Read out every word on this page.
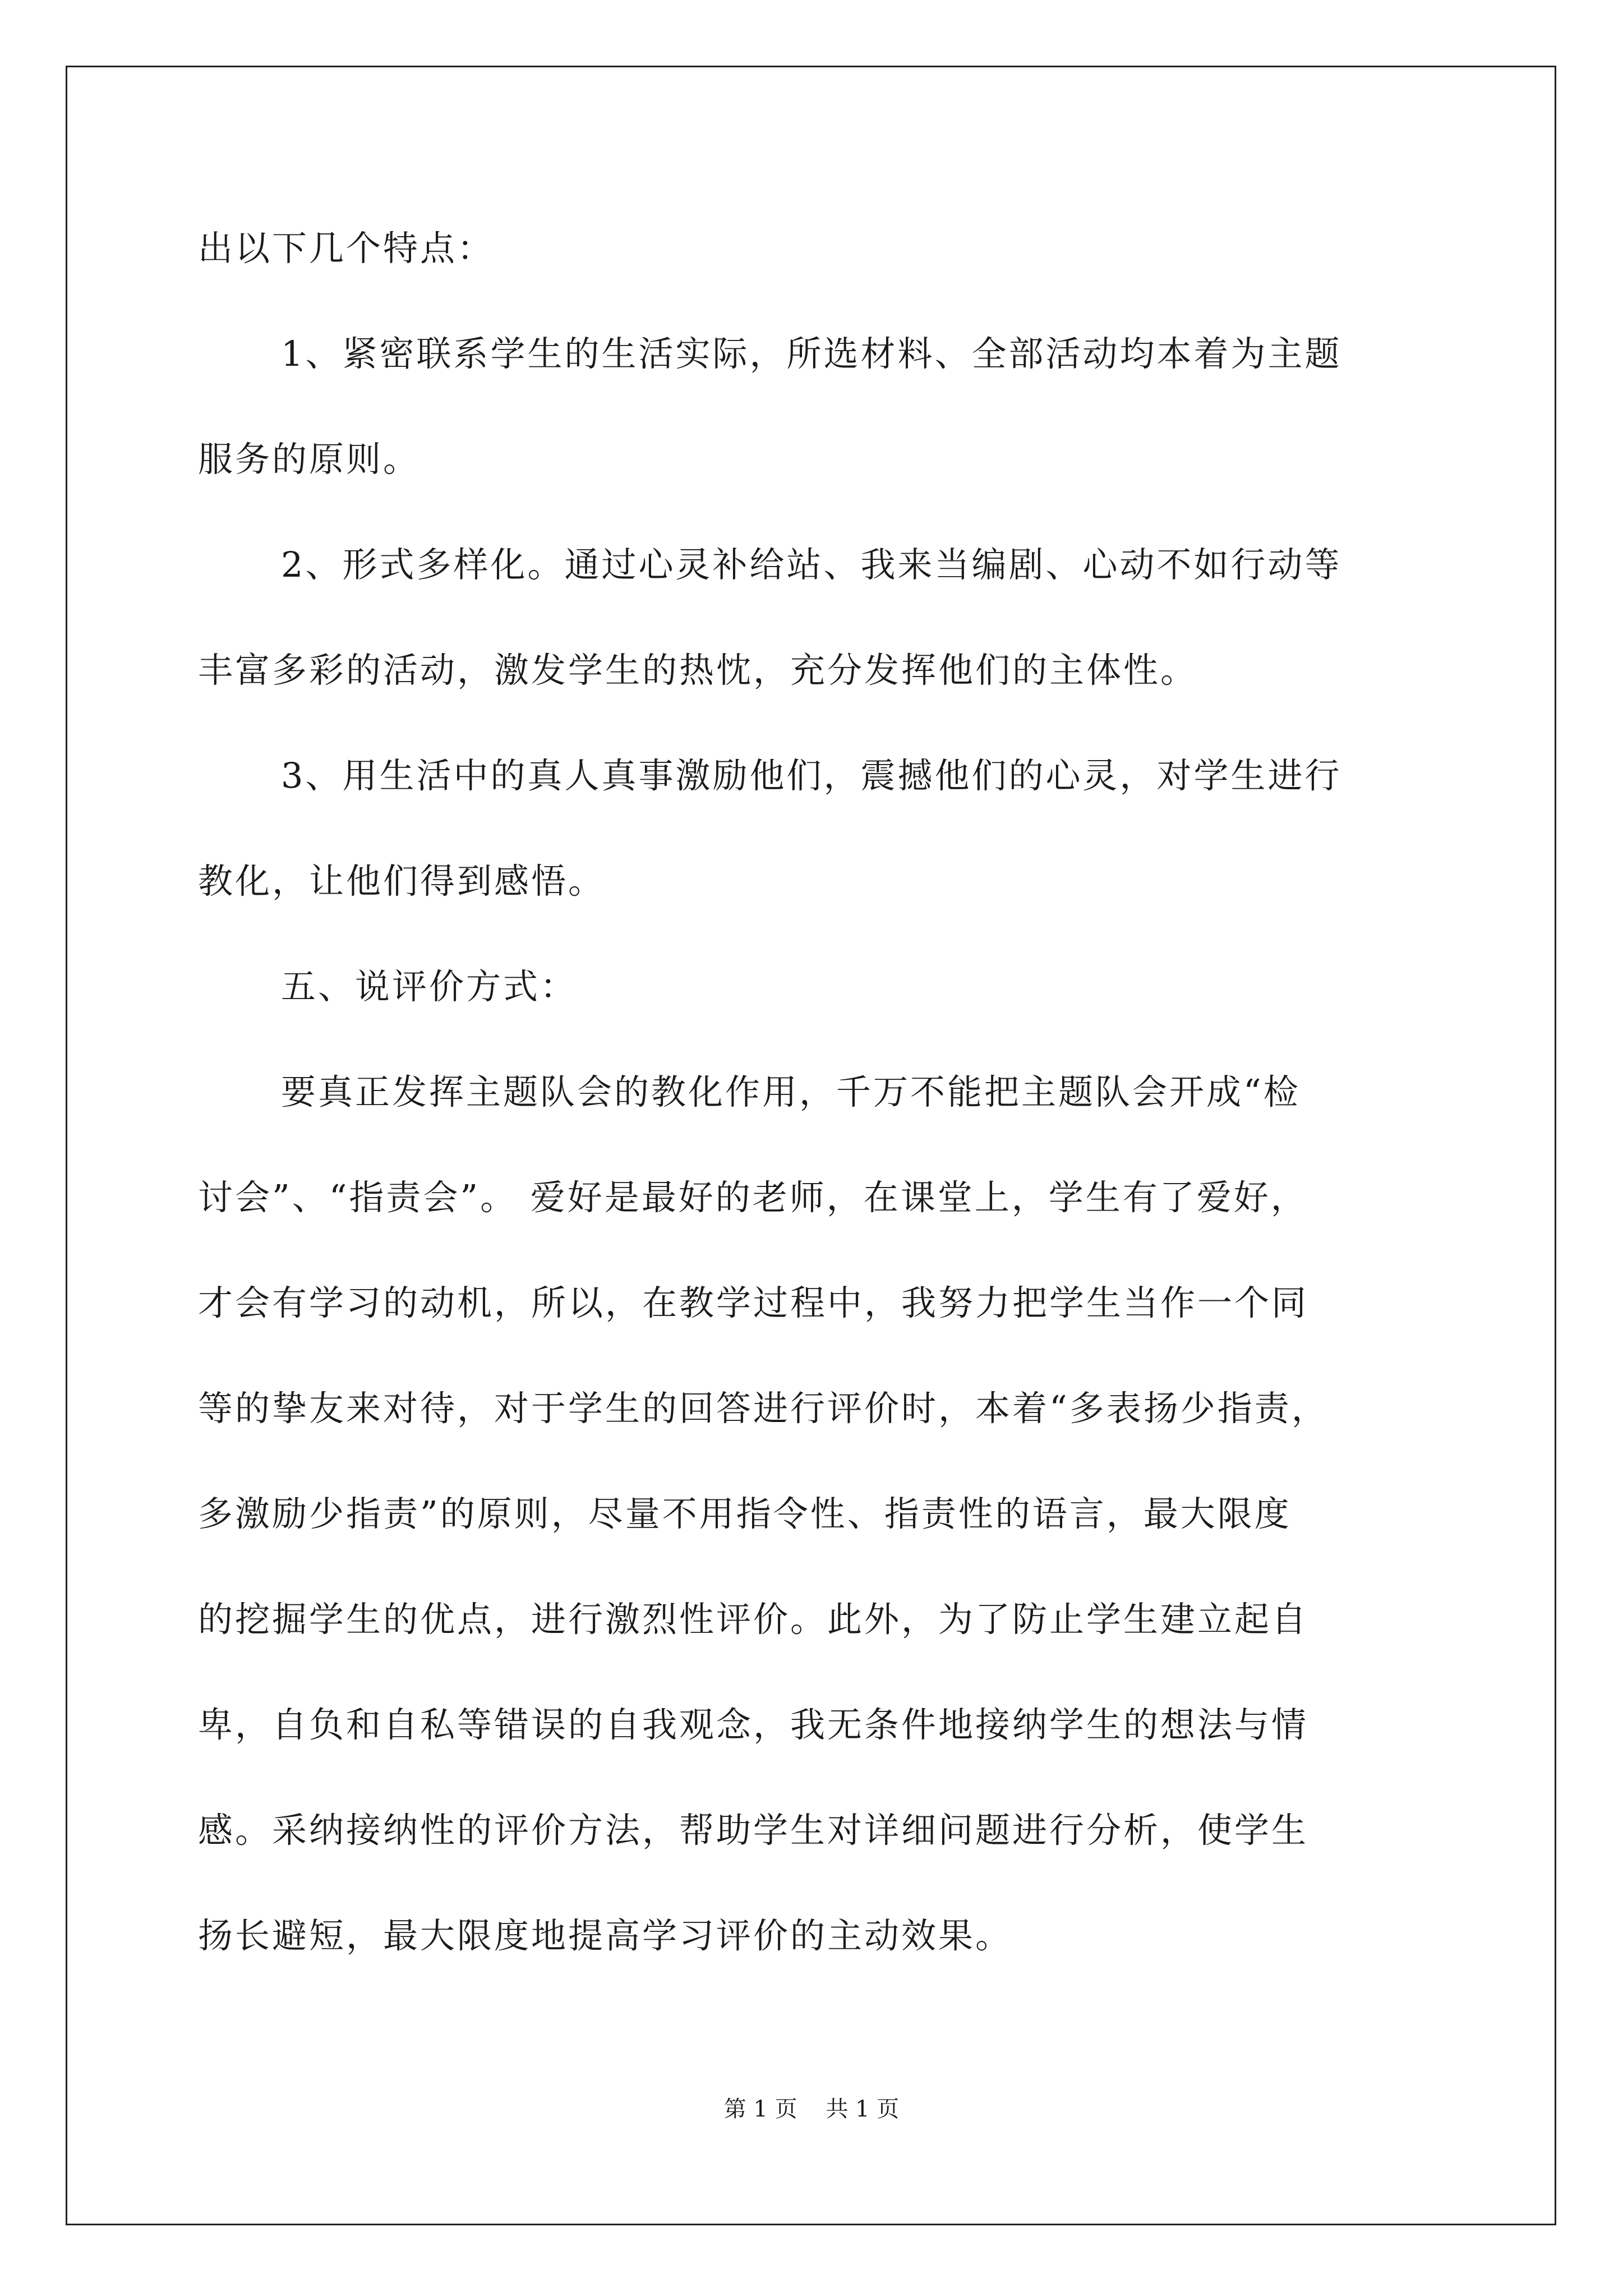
出以下几个特点：
1、紧密联系学生的生活实际，所选材料、全部活动均本着为主题
服务的原则。
2、形式多样化。通过心灵补给站、我来当编剧、心动不如行动等
丰富多彩的活动，激发学生的热忱，充分发挥他们的主体性。
3、用生活中的真人真事激励他们，震撼他们的心灵，对学生进行
教化，让他们得到感悟。
五、说评价方式：
要真正发挥主题队会的教化作用，千万不能把主题队会开成“检
讨会”、“指责会”。 爱好是最好的老师，在课堂上，学生有了爱好，
才会有学习的动机，所以，在教学过程中，我努力把学生当作一个同
等的挚友来对待，对于学生的回答进行评价时，本着“多表扬少指责，
多激励少指责”的原则，尽量不用指令性、指责性的语言，最大限度
的挖掘学生的优点，进行激烈性评价。此外，为了防止学生建立起自
卑，自负和自私等错误的自我观念，我无条件地接纳学生的想法与情
感。采纳接纳性的评价方法，帮助学生对详细问题进行分析，使学生
扬长避短，最大限度地提高学习评价的主动效果。
第 1 页    共 1 页
